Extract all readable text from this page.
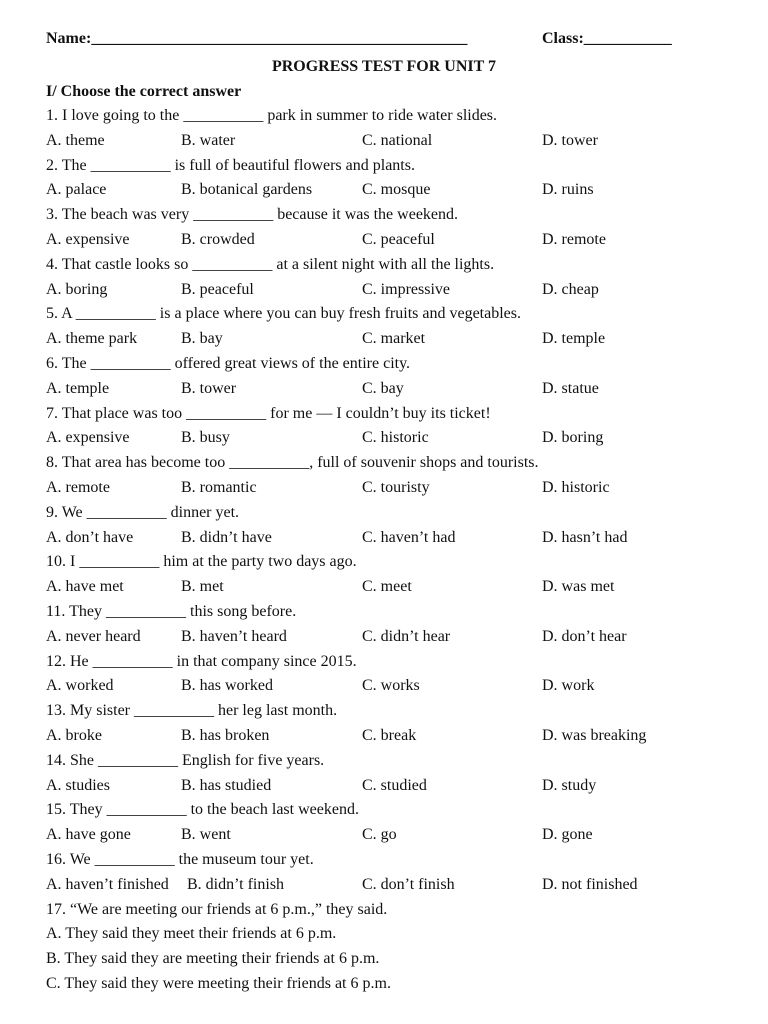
Name:_______________________________________________	Class:___________
PROGRESS TEST FOR UNIT 7
I/ Choose the correct answer
1. I love going to the __________ park in summer to ride water slides.
A. theme	B. water	C. national	D. tower
2. The __________ is full of beautiful flowers and plants.
A. palace	B. botanical gardens	C. mosque	D. ruins
3. The beach was very __________ because it was the weekend.
A. expensive	B. crowded	C. peaceful	D. remote
4. That castle looks so __________ at a silent night with all the lights.
A. boring	B. peaceful	C. impressive	D. cheap
5. A __________ is a place where you can buy fresh fruits and vegetables.
A. theme park	B. bay	C. market	D. temple
6. The __________ offered great views of the entire city.
A. temple	B. tower	C. bay	D. statue
7. That place was too __________ for me — I couldn’t buy its ticket!
A. expensive	B. busy	C. historic	D. boring
8. That area has become too __________, full of souvenir shops and tourists.
A. remote	B. romantic	C. touristy	D. historic
9. We __________ dinner yet.
A. don’t have	B. didn’t have	C. haven’t had	D. hasn’t had
10. I __________ him at the party two days ago.
A. have met	B. met	C. meet	D. was met
11. They __________ this song before.
A. never heard	B. haven’t heard	C. didn’t hear	D. don’t hear
12. He __________ in that company since 2015.
A. worked	B. has worked	C. works	D. work
13. My sister __________ her leg last month.
A. broke	B. has broken	C. break	D. was breaking
14. She __________ English for five years.
A. studies	B. has studied	C. studied	D. study
15. They __________ to the beach last weekend.
A. have gone	B. went	C. go	D. gone
16. We __________ the museum tour yet.
A. haven’t finished B. didn’t finish	C. don’t finish	D. not finished
17. “We are meeting our friends at 6 p.m.,” they said.
A. They said they meet their friends at 6 p.m.
B. They said they are meeting their friends at 6 p.m.
C. They said they were meeting their friends at 6 p.m.
